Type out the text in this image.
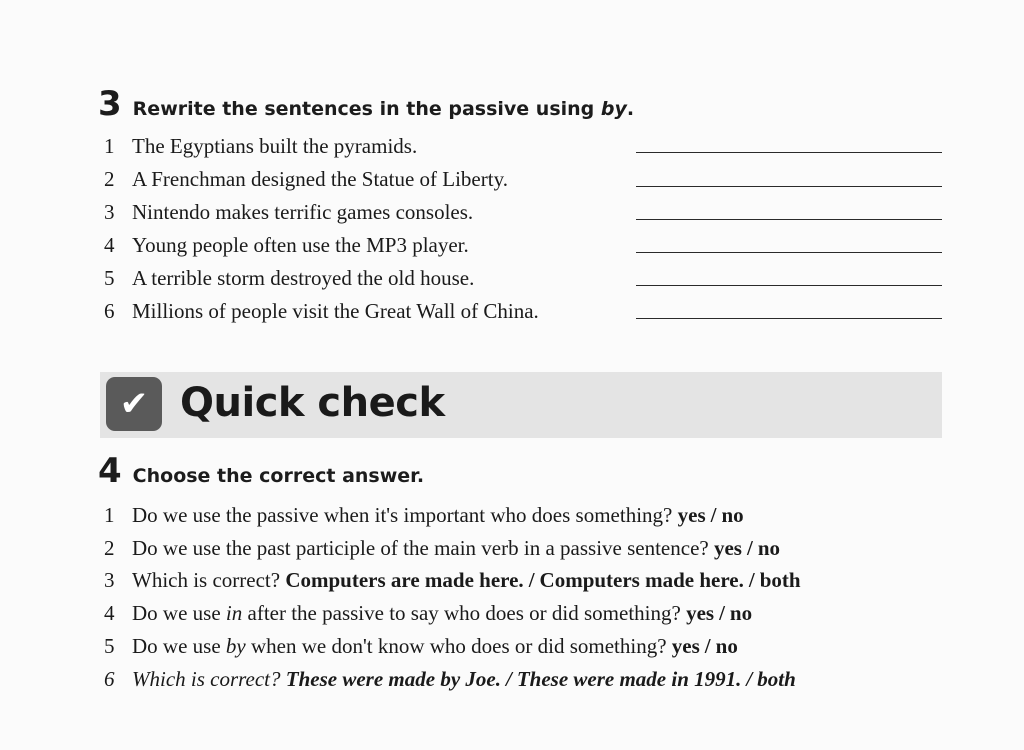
3 Rewrite the sentences in the passive using by.
1 The Egyptians built the pyramids.
2 A Frenchman designed the Statue of Liberty.
3 Nintendo makes terrific games consoles.
4 Young people often use the MP3 player.
5 A terrible storm destroyed the old house.
6 Millions of people visit the Great Wall of China.
✔ Quick check
4 Choose the correct answer.
1 Do we use the passive when it's important who does something? yes / no
2 Do we use the past participle of the main verb in a passive sentence? yes / no
3 Which is correct? Computers are made here. / Computers made here. / both
4 Do we use in after the passive to say who does or did something? yes / no
5 Do we use by when we don't know who does or did something? yes / no
6 Which is correct? These were made by Joe. / These were made in 1991. / both
